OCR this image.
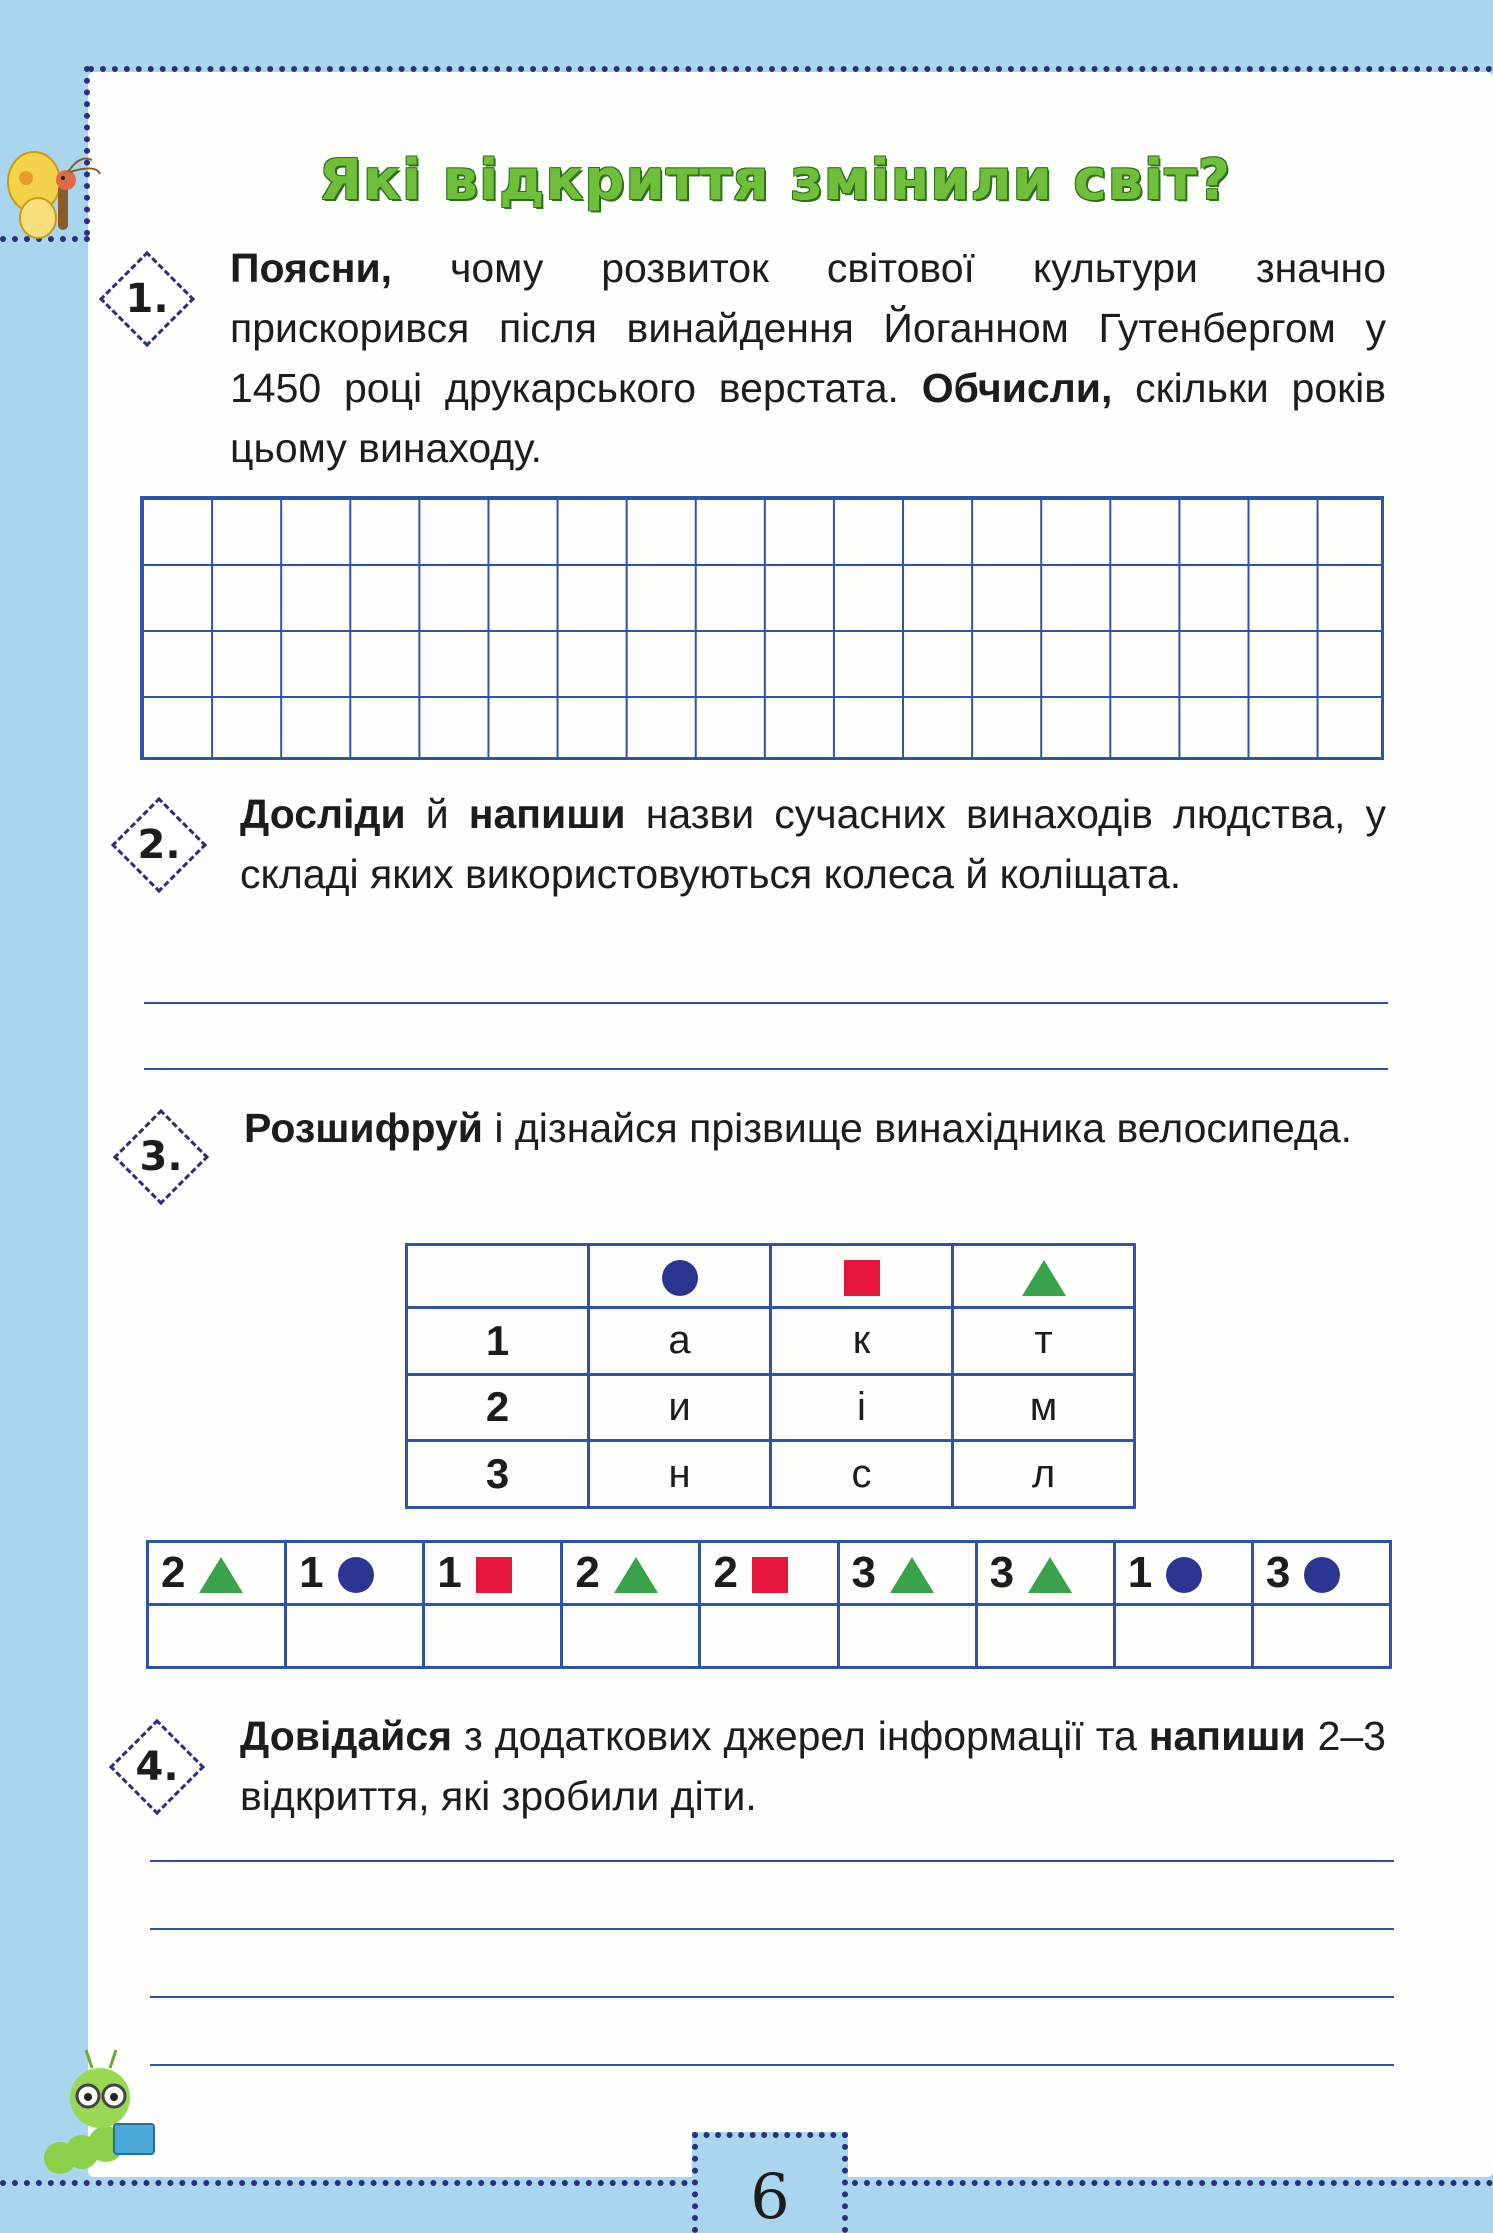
Які відкриття змінили світ?
1.
Поясни, чому розвиток світової культури значно прискорився після винайдення Йоганном Гутенбергом у 1450 році друкарського верстата. Обчисли, скільки років цьому винаходу.
2.
Досліди й напиши назви сучасних винаходів людства, у складі яких використовуються колеса й коліщата.
3.
Розшифруй і дізнайся прізвище винахідника велосипеда.

1	а	к	т
2	и	і	м
3	н	с	л
2	1	1	2	2	3	3	1	3

4.
Довідайся з додаткових джерел інформації та напиши 2–3 відкриття, які зробили діти.
6
